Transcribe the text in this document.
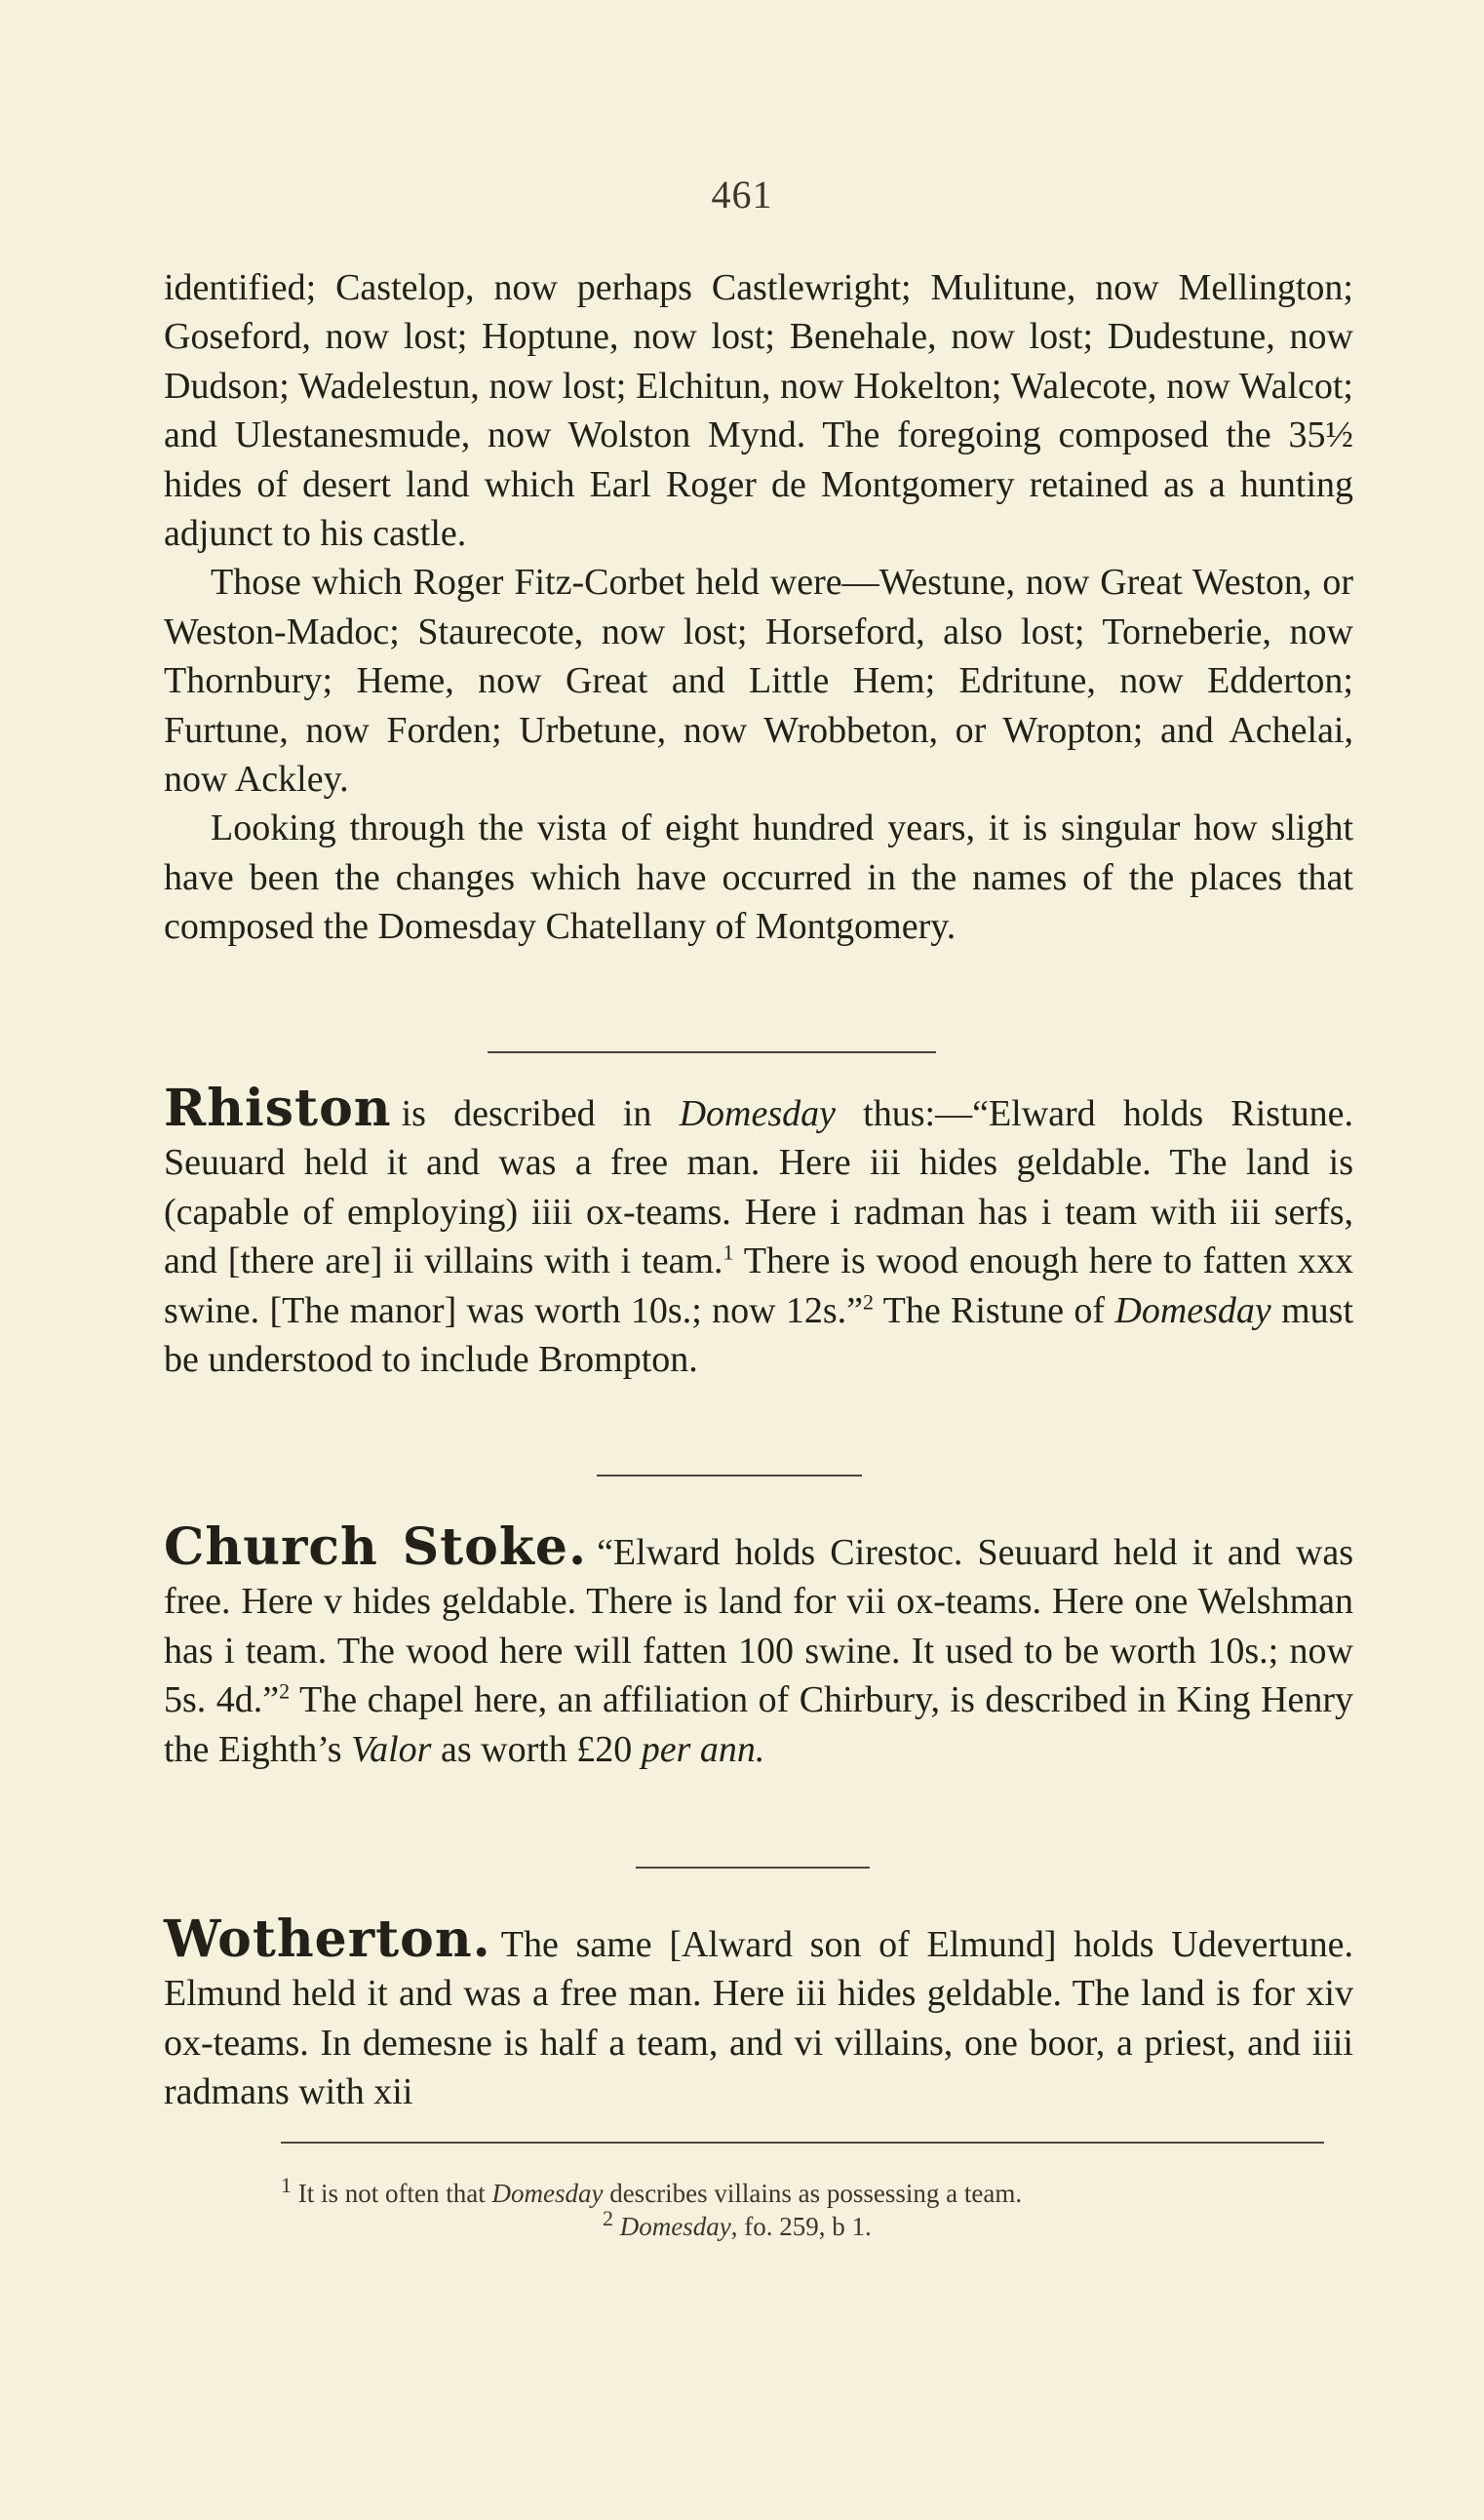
461

identified; Castelop, now perhaps Castlewright; Mulitune, now Mellington; Goseford, now lost; Hoptune, now lost; Benehale, now lost; Dudestune, now Dudson; Wadelestun, now lost; Elchitun, now Hokelton; Walecote, now Walcot; and Ulestanesmude, now Wolston Mynd. The foregoing composed the 35½ hides of desert land which Earl Roger de Montgomery retained as a hunting adjunct to his castle.

Those which Roger Fitz-Corbet held were—Westune, now Great Weston, or Weston-Madoc; Staurecote, now lost; Horseford, also lost; Torneberie, now Thornbury; Heme, now Great and Little Hem; Edritune, now Edderton; Furtune, now Forden; Urbetune, now Wrobbeton, or Wropton; and Achelai, now Ackley.

Looking through the vista of eight hundred years, it is singular how slight have been the changes which have occurred in the names of the places that composed the Domesday Chatellany of Montgomery.

Rhiston is described in Domesday thus:—“Elward holds Ristune. Seuuard held it and was a free man. Here iii hides geldable. The land is (capable of employing) iiii ox-teams. Here i radman has i team with iii serfs, and [there are] ii villains with i team.$^1$ There is wood enough here to fatten xxx swine. [The manor] was worth 10s.; now 12s.”$^2$ The Ristune of Domesday must be understood to include Brompton.

Church Stoke. “Elward holds Cirestoc. Seuuard held it and was free. Here v hides geldable. There is land for vii ox-teams. Here one Welshman has i team. The wood here will fatten 100 swine. It used to be worth 10s.; now 5s. 4d.”$^2$ The chapel here, an affiliation of Chirbury, is described in King Henry the Eighth’s Valor as worth £20 per ann.

Wotherton. The same [Alward son of Elmund] holds Udevertune. Elmund held it and was a free man. Here iii hides geldable. The land is for xiv ox-teams. In demesne is half a team, and vi villains, one boor, a priest, and iiii radmans with xii

$^1$ It is not often that Domesday describes villains as possessing a team.
$^2$ Domesday, fo. 259, b 1.
